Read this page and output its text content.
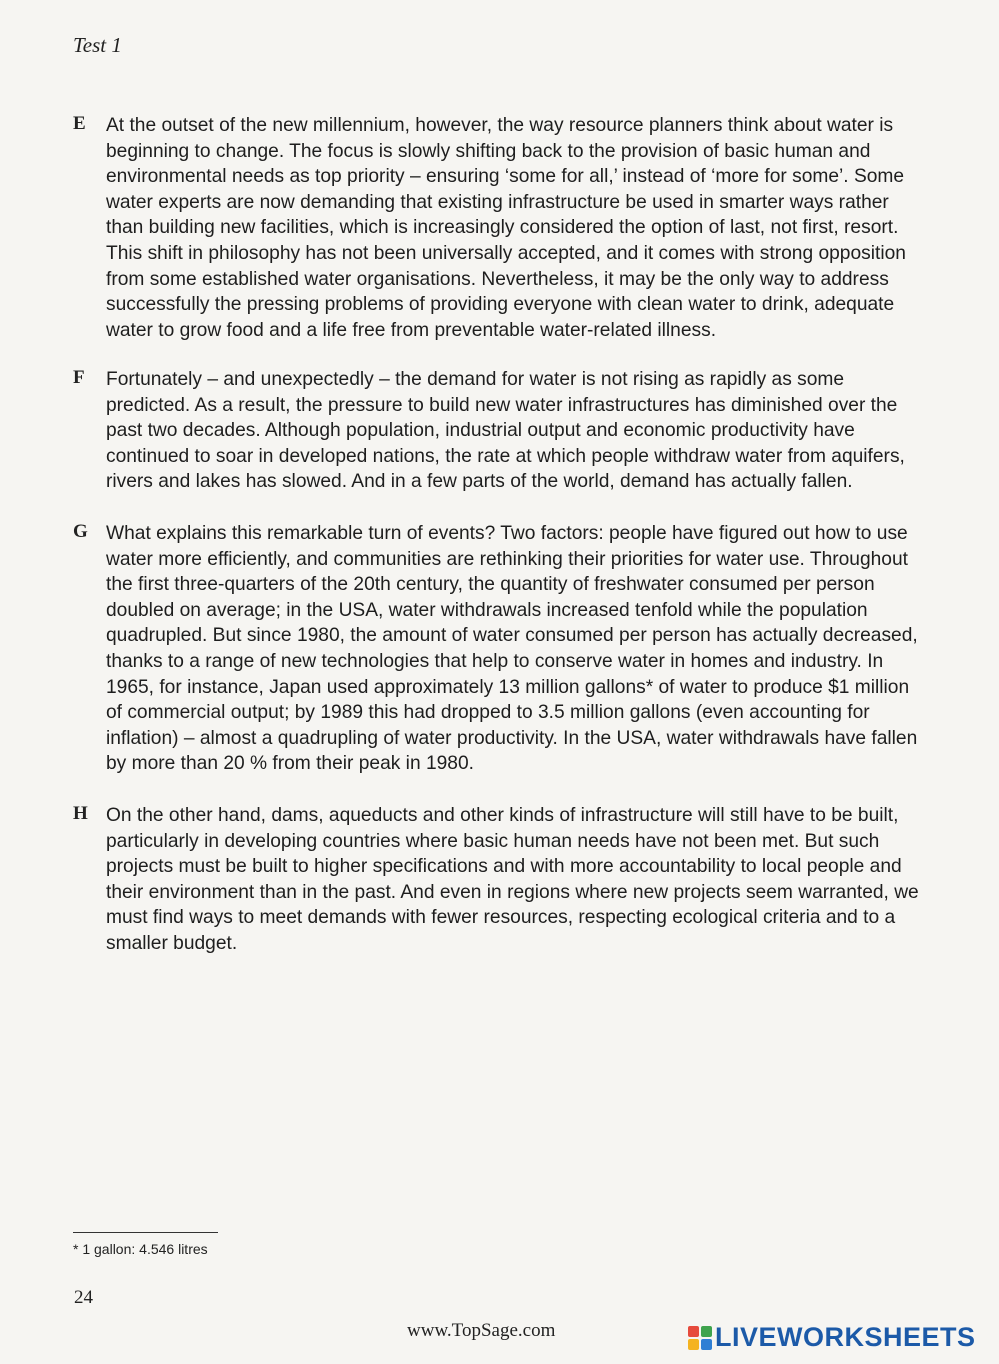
Test 1
E At the outset of the new millennium, however, the way resource planners think about water is beginning to change. The focus is slowly shifting back to the provision of basic human and environmental needs as top priority – ensuring ‘some for all,’ instead of ‘more for some’. Some water experts are now demanding that existing infrastructure be used in smarter ways rather than building new facilities, which is increasingly considered the option of last, not first, resort. This shift in philosophy has not been universally accepted, and it comes with strong opposition from some established water organisations. Nevertheless, it may be the only way to address successfully the pressing problems of providing everyone with clean water to drink, adequate water to grow food and a life free from preventable water-related illness.
F Fortunately – and unexpectedly – the demand for water is not rising as rapidly as some predicted. As a result, the pressure to build new water infrastructures has diminished over the past two decades. Although population, industrial output and economic productivity have continued to soar in developed nations, the rate at which people withdraw water from aquifers, rivers and lakes has slowed. And in a few parts of the world, demand has actually fallen.
G What explains this remarkable turn of events? Two factors: people have figured out how to use water more efficiently, and communities are rethinking their priorities for water use. Throughout the first three-quarters of the 20th century, the quantity of freshwater consumed per person doubled on average; in the USA, water withdrawals increased tenfold while the population quadrupled. But since 1980, the amount of water consumed per person has actually decreased, thanks to a range of new technologies that help to conserve water in homes and industry. In 1965, for instance, Japan used approximately 13 million gallons* of water to produce $1 million of commercial output; by 1989 this had dropped to 3.5 million gallons (even accounting for inflation) – almost a quadrupling of water productivity. In the USA, water withdrawals have fallen by more than 20 % from their peak in 1980.
H On the other hand, dams, aqueducts and other kinds of infrastructure will still have to be built, particularly in developing countries where basic human needs have not been met. But such projects must be built to higher specifications and with more accountability to local people and their environment than in the past. And even in regions where new projects seem warranted, we must find ways to meet demands with fewer resources, respecting ecological criteria and to a smaller budget.
* 1 gallon: 4.546 litres
24
www.TopSage.com	LIVE WORKSHEETS
